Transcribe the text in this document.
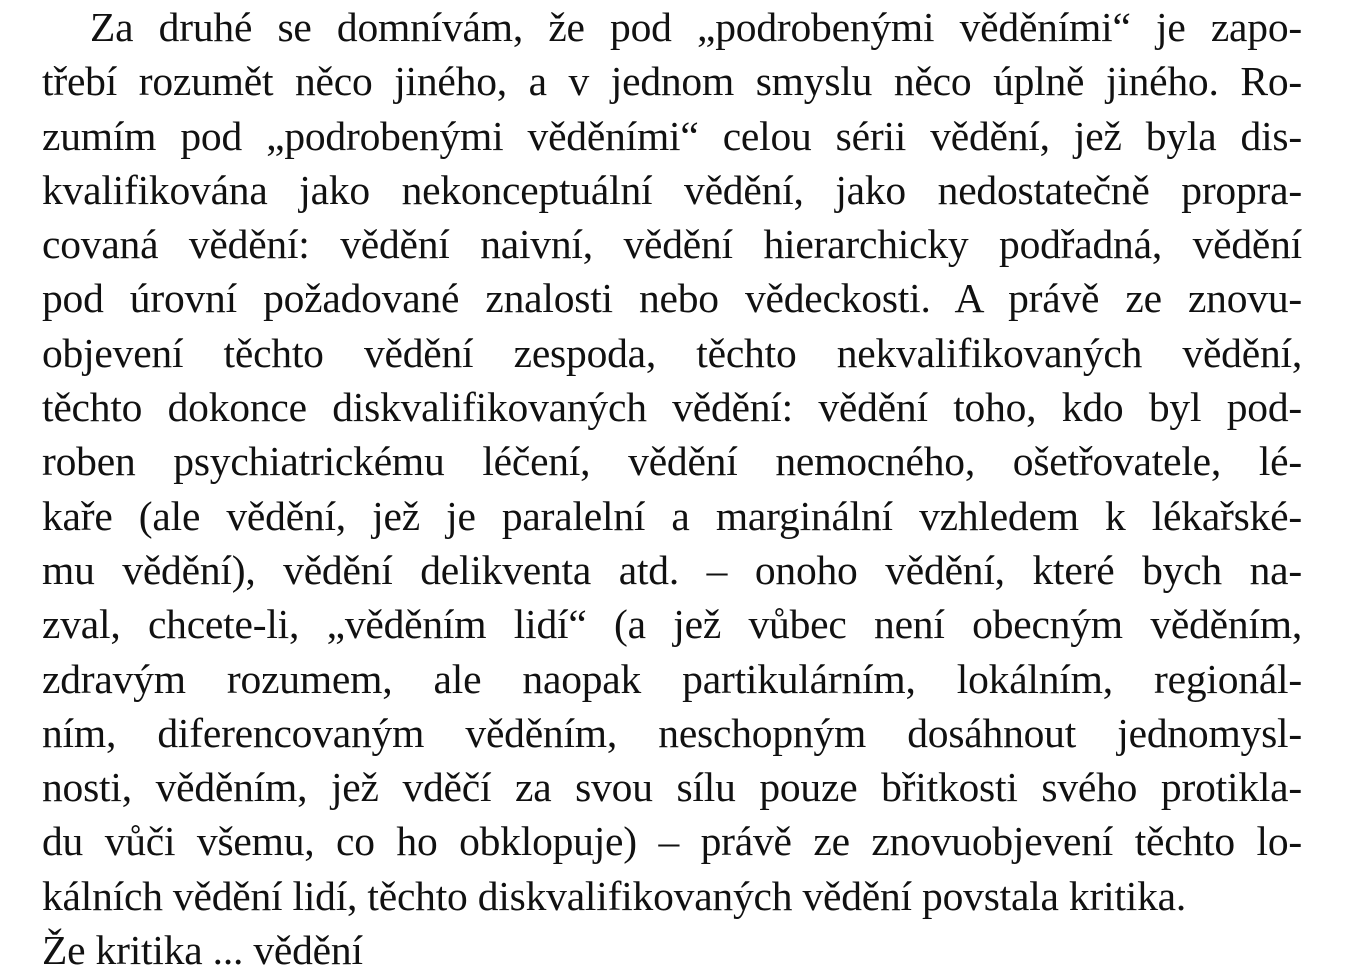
Za druhé se domnívám, že pod „podrobenými věděními“ je zapo-
třebí rozumět něco jiného, a v jednom smyslu něco úplně jiného. Ro-
zumím pod „podrobenými věděními“ celou sérii vědění, jež byla dis-
kvalifikována jako nekonceptuální vědění, jako nedostatečně propra-
covaná vědění: vědění naivní, vědění hierarchicky podřadná, vědění
pod úrovní požadované znalosti nebo vědeckosti. A právě ze znovu-
objevení těchto vědění zespoda, těchto nekvalifikovaných vědění,
těchto dokonce diskvalifikovaných vědění: vědění toho, kdo byl pod-
roben psychiatrickému léčení, vědění nemocného, ošetřovatele, lé-
kaře (ale vědění, jež je paralelní a marginální vzhledem k lékařské-
mu vědění), vědění delikventa atd. – onoho vědění, které bych na-
zval, chcete-li, „věděním lidí“ (a jež vůbec není obecným věděním,
zdravým rozumem, ale naopak partikulárním, lokálním, regionál-
ním, diferencovaným věděním, neschopným dosáhnout jednomysl-
nosti, věděním, jež vděčí za svou sílu pouze břitkosti svého protikla-
du vůči všemu, co ho obklopuje) – právě ze znovuobjevení těchto lo-
kálních vědění lidí, těchto diskvalifikovaných vědění povstala kritika.
Že kritika ... vědění
